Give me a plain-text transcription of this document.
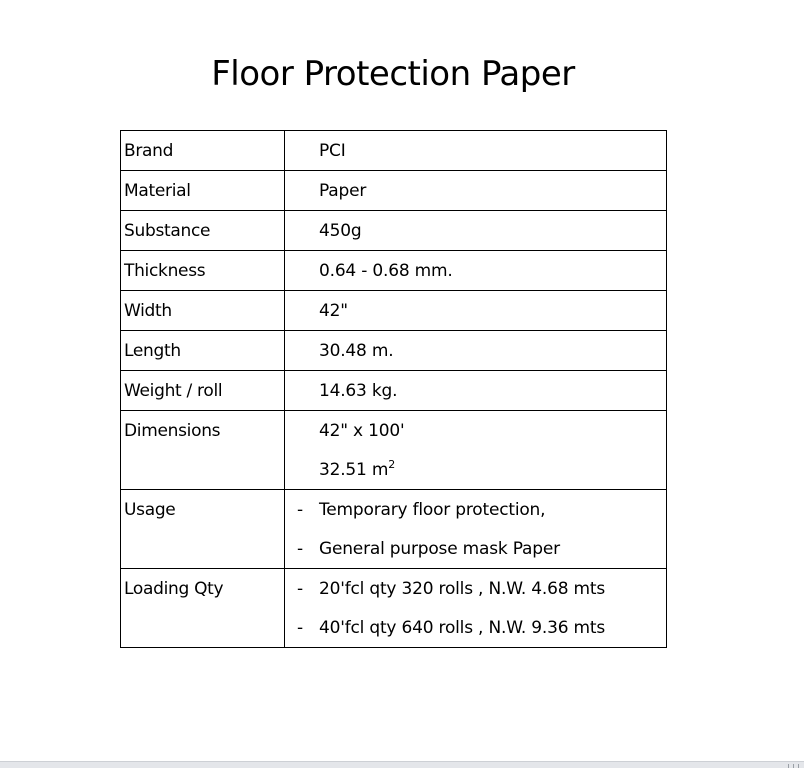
Floor Protection Paper
Brand	PCI

Material	Paper

Substance	450g

Thickness	0.64 - 0.68 mm.

Width	42"

Length	30.48 m.

Weight / roll	14.63 kg.

Dimensions	42" x 100'
32.51 $m^2$

Usage	- Temporary floor protection,
- General purpose mask Paper

Loading Qty	- 20'fcl qty 320 rolls , N.W. 4.68 mts
- 40'fcl qty 640 rolls , N.W. 9.36 mts
